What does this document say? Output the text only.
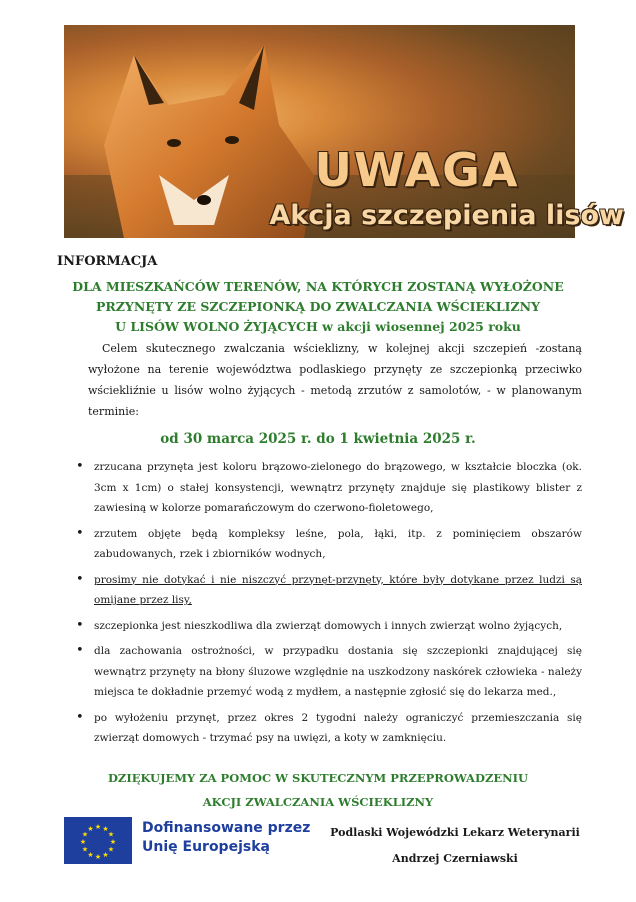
UWAGA
Akcja szczepienia lisów
INFORMACJA
DLA MIESZKAŃCÓW TERENÓW, NA KTÓRYCH ZOSTANĄ WYŁOŻONE
PRZYNĘTY ZE SZCZEPIONKĄ DO ZWALCZANIA WŚCIEKLIZNY
U LISÓW WOLNO ŻYJĄCYCH w akcji wiosennej 2025 roku
Celem skutecznego zwalczania wścieklizny, w kolejnej akcji szczepień -zostaną wyłożone na terenie województwa podlaskiego przynęty ze szczepionką przeciwko wściekliźnie u lisów wolno żyjących - metodą zrzutów z samolotów, - w planowanym terminie:
od 30 marca 2025 r. do 1 kwietnia 2025 r.
• zrzucana przynęta jest koloru brązowo-zielonego do brązowego, w kształcie bloczka (ok. 3cm x 1cm) o stałej konsystencji, wewnątrz przynęty znajduje się plastikowy blister z zawiesiną w kolorze pomarańczowym do czerwono-fioletowego,
• zrzutem objęte będą kompleksy leśne, pola, łąki, itp. z pominięciem obszarów zabudowanych, rzek i zbiorników wodnych,
• prosimy nie dotykać i nie niszczyć przynęt-przynęty, które były dotykane przez ludzi są omijane przez lisy,
• szczepionka jest nieszkodliwa dla zwierząt domowych i innych zwierząt wolno żyjących,
• dla zachowania ostrożności, w przypadku dostania się szczepionki znajdującej się wewnątrz przynęty na błony śluzowe względnie na uszkodzony naskórek człowieka - należy miejsca te dokładnie przemyć wodą z mydłem, a następnie zgłosić się do lekarza med.,
• po wyłożeniu przynęt, przez okres 2 tygodni należy ograniczyć przemieszczania się zwierząt domowych - trzymać psy na uwięzi, a koty w zamknięciu.
DZIĘKUJEMY ZA POMOC W SKUTECZNYM PRZEPROWADZENIU
AKCJI ZWALCZANIA WŚCIEKLIZNY
★
★
★
★
★
★
★
★
★ ★ ★
★ Dofinansowane przez
Unię Europejską
Podlaski Wojewódzki Lekarz Weterynarii
Andrzej Czerniawski
